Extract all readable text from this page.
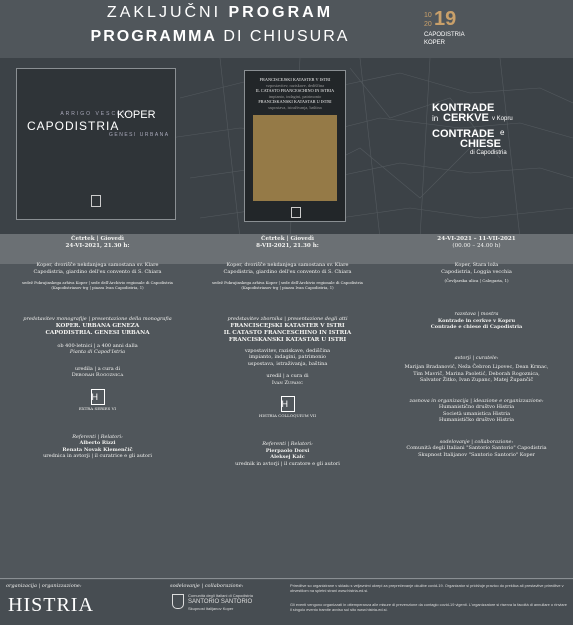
ZAKLJUČNI PROGRAM
PROGRAMMA DI CHIUSURA
10 19
20
CAPODISTRIA
KOPER
ARRIGO VESCOVI
CAPODISTRIA
KOPER
GENESI URBANA
FRANCISCEJSKI KATASTER V ISTRI
vzpostavitev, raziskave, dediščina
IL CATASTO FRANCESCHINO IN ISTRIA
impianto, indagini, patrimonio
FRANCISKANSKI KATASTAR U ISTRI
uspostava, istraživanja, baština	KONTRADE
in CERKVE v Kopru
CONTRADE e
CHIESE
di Capodistria
Četrtek | Giovedì
24-VI-2021, 21.30 h:
Koper, dvorišče nekdanjega samostana sv. Klare
Capodistria, giardino dell'ex convento di S. Chiara
sedež Pokrajinskega arhiva Koper | sede dell'Archivio regionale di Capodistria
(Kapodistriasov trg | piazza Ivan Capodistria, 1)
predstavitev monografije | presentazione della monografia
KOPER. URBANA GENEZA
CAPODISTRIA. GENESI URBANA
ob 400-letnici | a 400 anni dalla
Pianta di Capod'Istria
uredila | a cura di
Deborah Rogoznica
H
EXTRA SERIES VI
Referenti | Relatori:
Alberto Rizzi
Renata Novak Klemenčič
urednica in avtorji | il curatrice e gli autori
Četrtek | Giovedì
8-VII-2021, 21.30 h:
Koper, dvorišče nekdanjega samostana sv. Klare
Capodistria, giardino dell'ex convento di S. Chiara
sedež Pokrajinskega arhiva Koper | sede dell'Archivio regionale di Capodistria
(Kapodistriasov trg | piazza Ivan Capodistria, 1)
predstavitev zbornika | presentazione degli atti
FRANCISCEJSKI KATASTER V ISTRI
IL CATASTO FRANCESCHINO IN ISTRIA
FRANCISKANSKI KATASTAR U ISTRI
vzpostavitev, raziskave, dediščina
impianto, indagini, patrimonio
uspostava, istraživanja, baština
uredil | a cura di
Ivan Zupanc
H
HISTRIA COLLOQUIUM VII
Referenti | Relatori:
Pierpaolo Dorsi
Aleksej Kalc
urednik in avtorji | il curatore e gli autori
24-VI-2021 – 11-VII-2021
(00.00 – 24.00 h)
Koper, Stara loža
Capodistria, Loggia vecchia
(Čevljarska ulica | Calegaria, 1)
razstava | mostra
Kontrade in cerkve v Kopru
Contrade e chiese di Capodistria
avtorji | curatele:
Marijan Bradanović, Neža Čebron Lipovec, Dean Krmac,
Tim Mavrič, Marina Paoletić, Deborah Rogoznica,
Salvator Žitko, Ivan Zupanc, Matej Župančič
zasnova in organizacija | ideazione e organizzazione:
Humanistično društvo Histria
Società umanistica Histria
Humanističko društvo Histria
sodelovanje | collaborazione:
Comunità degli Italiani "Santorio Santorio" Capodistria
Skupnost Italijanov "Santorio Santorio" Koper
organizacija | organizzazione:
HISTRIA
sodelovanje | collaborazione:
Comunità degli Italiani di Capodistria
SANTORIO SANTORIO
Skupnost Italijanov Koper
Prireditve so organizirane v skladu s veljavnimi ukrepi za preprečevanje okužbe covid-19. Organizator si pridržuje pravico do preklica ali prestavitve prireditve v obvestilom na spletni strani www.histria-ed.si.
Gli eventi vengono organizzati in ottemperanza alle misure di prevenzione da contagio covid-19 vigenti. L'organizzatore si riserva la facoltà di annullare o rinviare il singolo evento tramite avviso sul sito www.histria-ed.si.
